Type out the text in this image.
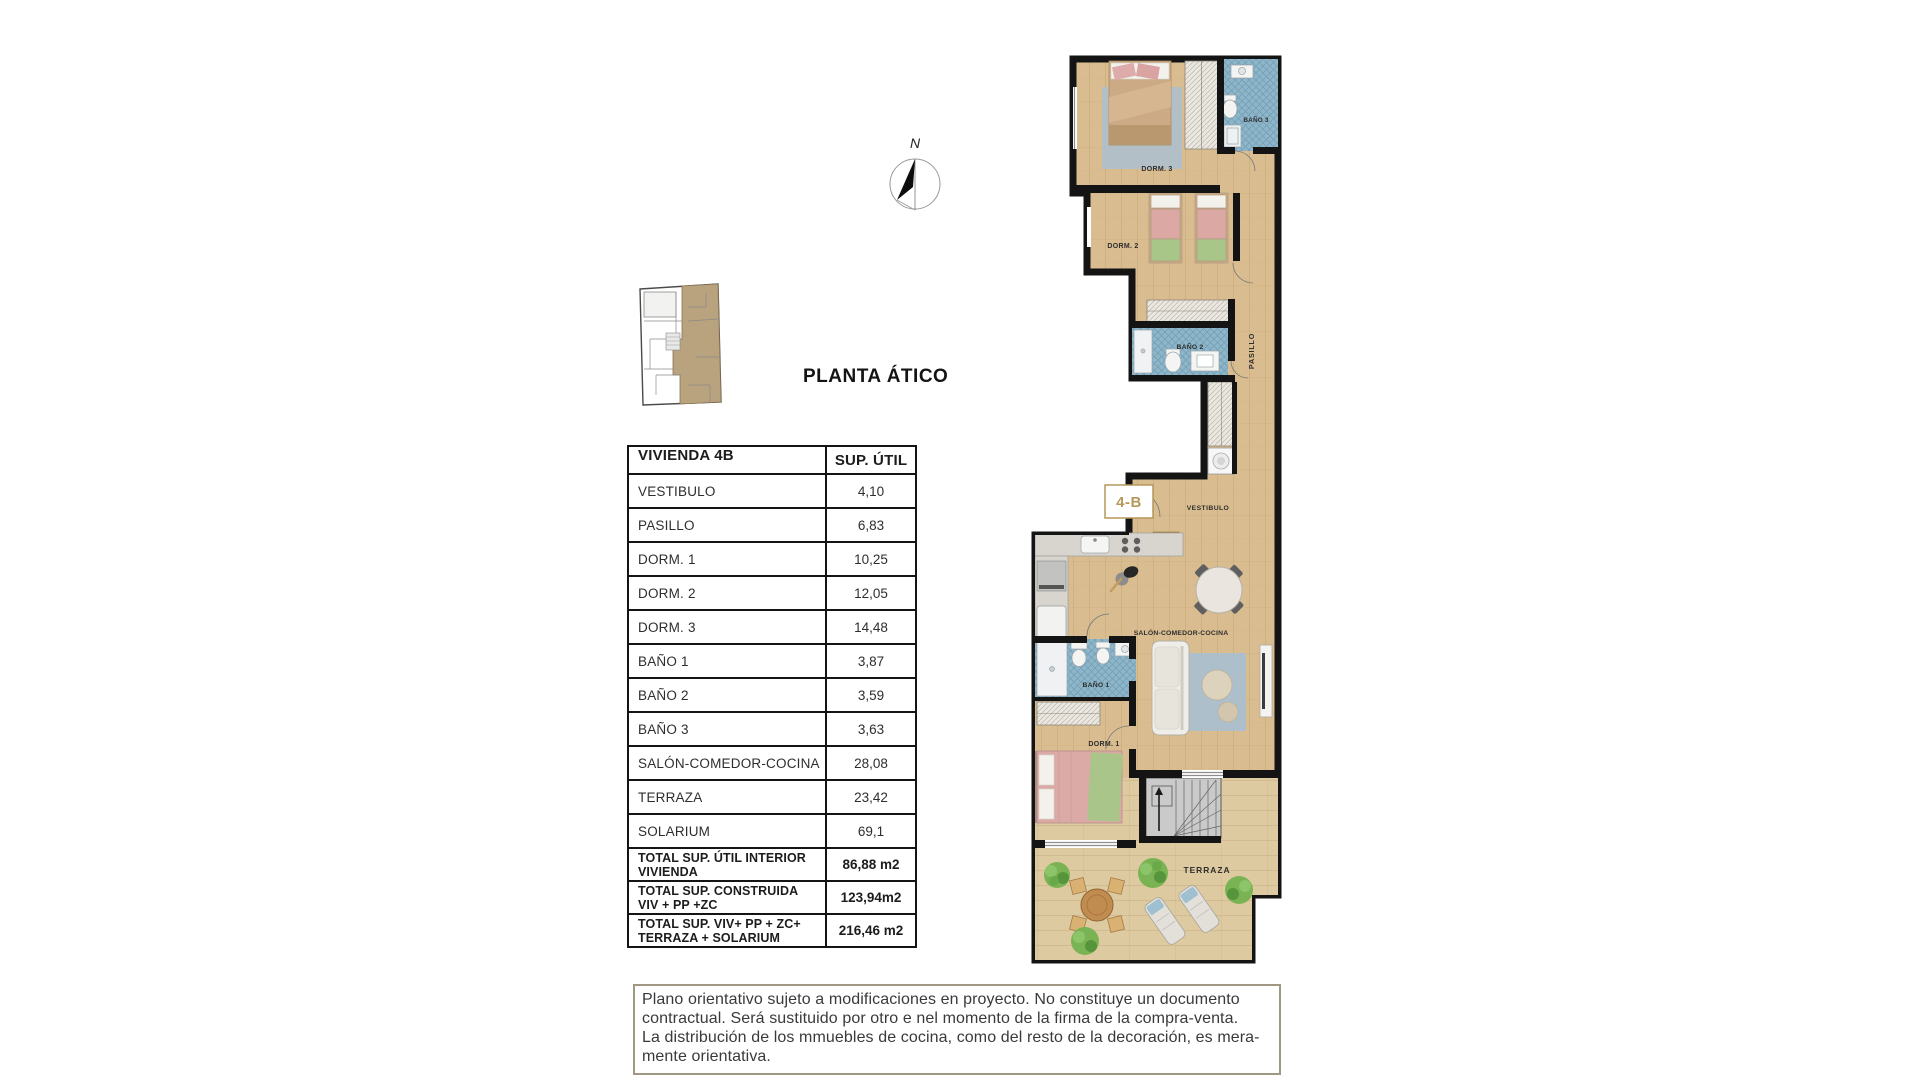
N
PLANTA ÁTICO
VIVIENDA 4B	SUP. ÚTIL
VESTIBULO	4,10
PASILLO	6,83
DORM. 1	10,25
DORM. 2	12,05
DORM. 3	14,48
BAÑO 1	3,87
BAÑO 2	3,59
BAÑO 3	3,63
SALÓN-COMEDOR-COCINA	28,08
TERRAZA	23,42
SOLARIUM	69,1
TOTAL SUP. ÚTIL INTERIOR
VIVIENDA	86,88 m2
TOTAL SUP. CONSTRUIDA
VIV + PP +ZC	123,94m2
TOTAL SUP. VIV+ PP + ZC+
TERRAZA + SOLARIUM	216,46 m2
DORM. 3
BAÑO 3
DORM. 2
BAÑO 2	PASILLO
VESTIBULO
SALÓN-COMEDOR-COCINA
BAÑO 1
DORM. 1
TERRAZA
4-B
Plano orientativo sujeto a modificaciones en proyecto. No constituye un documento
contractual. Será sustituido por otro e nel momento de la firma de la compra-venta.
La distribución de los mmuebles de cocina, como del resto de la decoración, es mera-
mente orientativa.
